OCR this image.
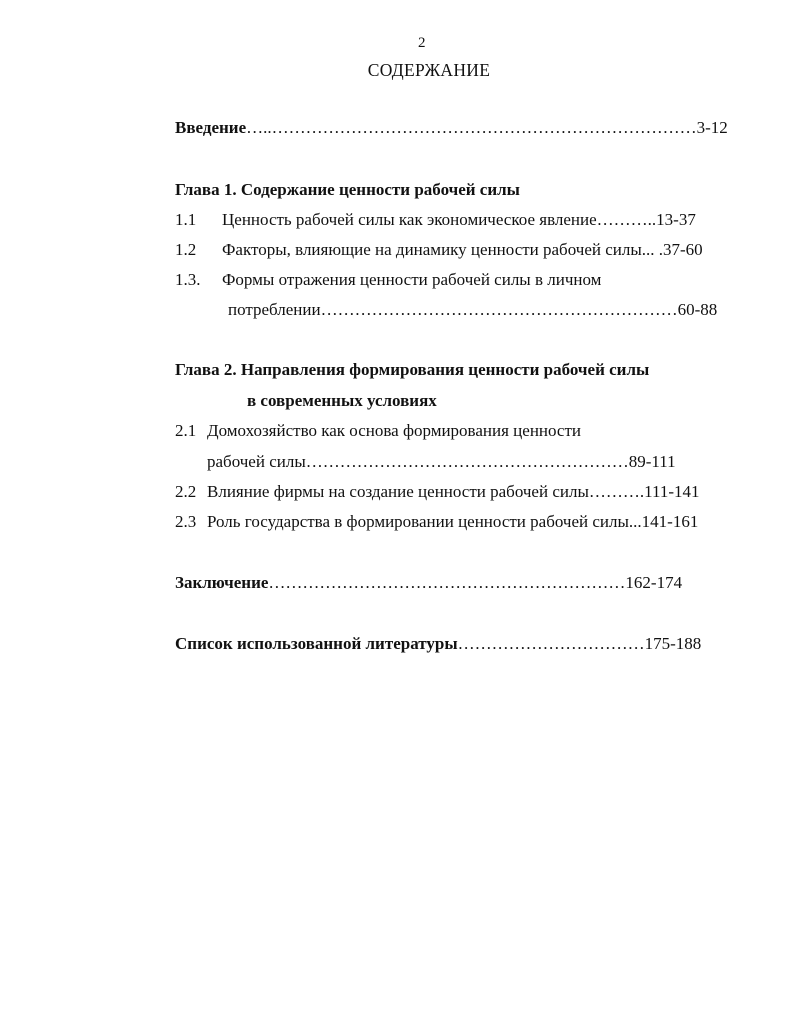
2
СОДЕРЖАНИЕ
Введение…..…………………………………………………………………3-12
Глава 1. Содержание ценности рабочей силы
1.1 Ценность рабочей силы как экономическое явление………..13-37
1.2 Факторы, влияющие на динамику ценности рабочей силы... .37-60
1.3. Формы отражения ценности рабочей силы в личном
потреблении………………………………………………………60-88
Глава 2. Направления формирования ценности рабочей силы
в современных условиях
2.1 Домохозяйство как основа формирования ценности
рабочей силы…………………………………………………89-111
2.2 Влияние фирмы на создание ценности рабочей силы……….111-141
2.3 Роль государства в формировании ценности рабочей силы...141-161
Заключение………………………………………………………162-174
Список использованной литературы……………………………175-188
